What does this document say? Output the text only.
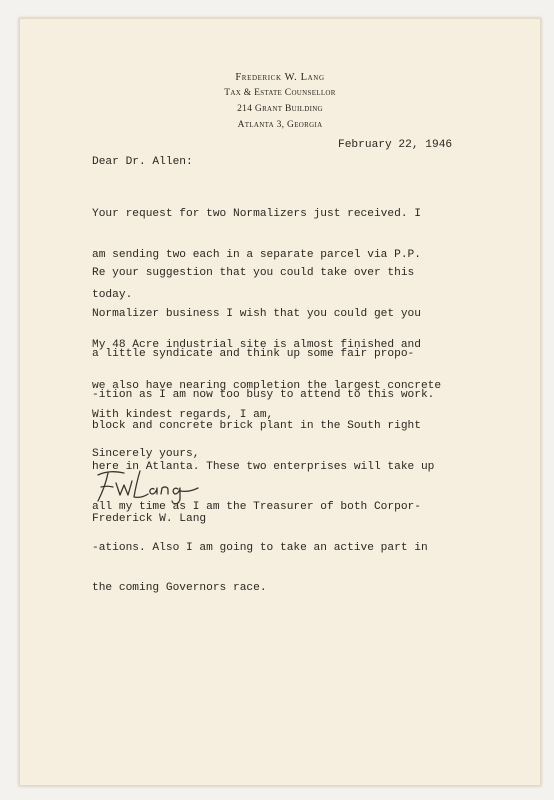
Frederick W. Lang
Tax & Estate Counsellor
214 Grant Building
Atlanta 3, Georgia
February 22, 1946
Dear Dr. Allen:

Your request for two Normalizers just received. I

am sending two each in a separate parcel via P.P.

today.

Re your suggestion that you could take over this

Normalizer business I wish that you could get you

a little syndicate and think up some fair propo-

-ition as I am now too busy to attend to this work.

My 48 Acre industrial site is almost finished and

we also have nearing completion the largest concrete

block and concrete brick plant in the South right

here in Atlanta. These two enterprises will take up

all my time as I am the Treasurer of both Corpor-

-ations. Also I am going to take an active part in

the coming Governors race.

With kindest regards, I am,
Sincerely yours,
Frederick W. Lang
